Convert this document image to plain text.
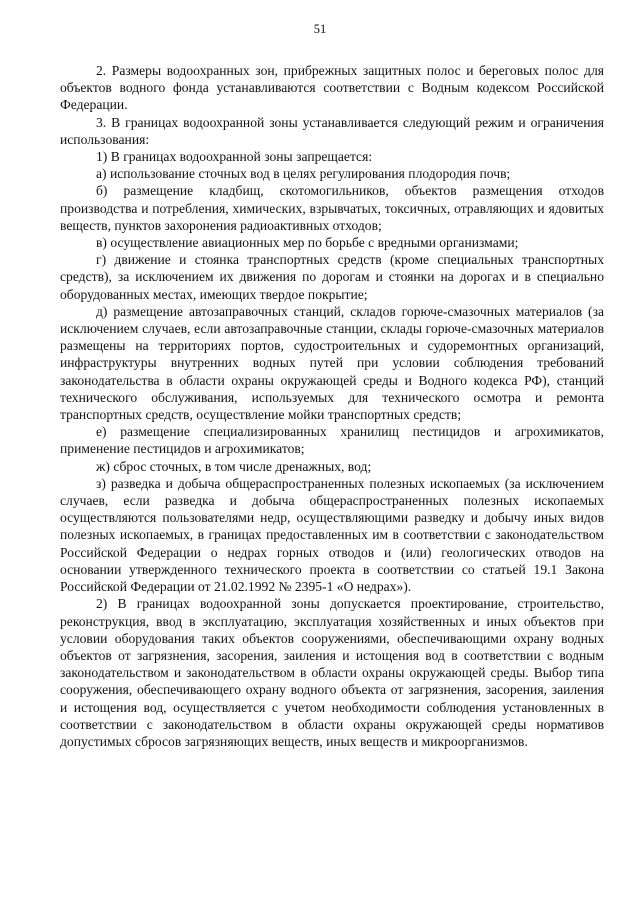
51

2. Размеры водоохранных зон, прибрежных защитных полос и береговых полос для объектов водного фонда устанавливаются соответствии с Водным кодексом Российской Федерации.

3. В границах водоохранной зоны устанавливается следующий режим и ограничения использования:

1) В границах водоохранной зоны запрещается:

а) использование сточных вод в целях регулирования плодородия почв;

б) размещение кладбищ, скотомогильников, объектов размещения отходов производства и потребления, химических, взрывчатых, токсичных, отравляющих и ядовитых веществ, пунктов захоронения радиоактивных отходов;

в) осуществление авиационных мер по борьбе с вредными организмами;

г) движение и стоянка транспортных средств (кроме специальных транспортных средств), за исключением их движения по дорогам и стоянки на дорогах и в специально оборудованных местах, имеющих твердое покрытие;

д) размещение автозаправочных станций, складов горюче-смазочных материалов (за исключением случаев, если автозаправочные станции, склады горюче-смазочных материалов размещены на территориях портов, судостроительных и судоремонтных организаций, инфраструктуры внутренних водных путей при условии соблюдения требований законодательства в области охраны окружающей среды и Водного кодекса РФ), станций технического обслуживания, используемых для технического осмотра и ремонта транспортных средств, осуществление мойки транспортных средств;

е) размещение специализированных хранилищ пестицидов и агрохимикатов, применение пестицидов и агрохимикатов;

ж) сброс сточных, в том числе дренажных, вод;

з) разведка и добыча общераспространенных полезных ископаемых (за исключением случаев, если разведка и добыча общераспространенных полезных ископаемых осуществляются пользователями недр, осуществляющими разведку и добычу иных видов полезных ископаемых, в границах предоставленных им в соответствии с законодательством Российской Федерации о недрах горных отводов и (или) геологических отводов на основании утвержденного технического проекта в соответствии со статьей 19.1 Закона Российской Федерации от 21.02.1992 № 2395-1 «О недрах»).

2) В границах водоохранной зоны допускается проектирование, строительство, реконструкция, ввод в эксплуатацию, эксплуатация хозяйственных и иных объектов при условии оборудования таких объектов сооружениями, обеспечивающими охрану водных объектов от загрязнения, засорения, заиления и истощения вод в соответствии с водным законодательством и законодательством в области охраны окружающей среды. Выбор типа сооружения, обеспечивающего охрану водного объекта от загрязнения, засорения, заиления и истощения вод, осуществляется с учетом необходимости соблюдения установленных в соответствии с законодательством в области охраны окружающей среды нормативов допустимых сбросов загрязняющих веществ, иных веществ и микроорганизмов.
